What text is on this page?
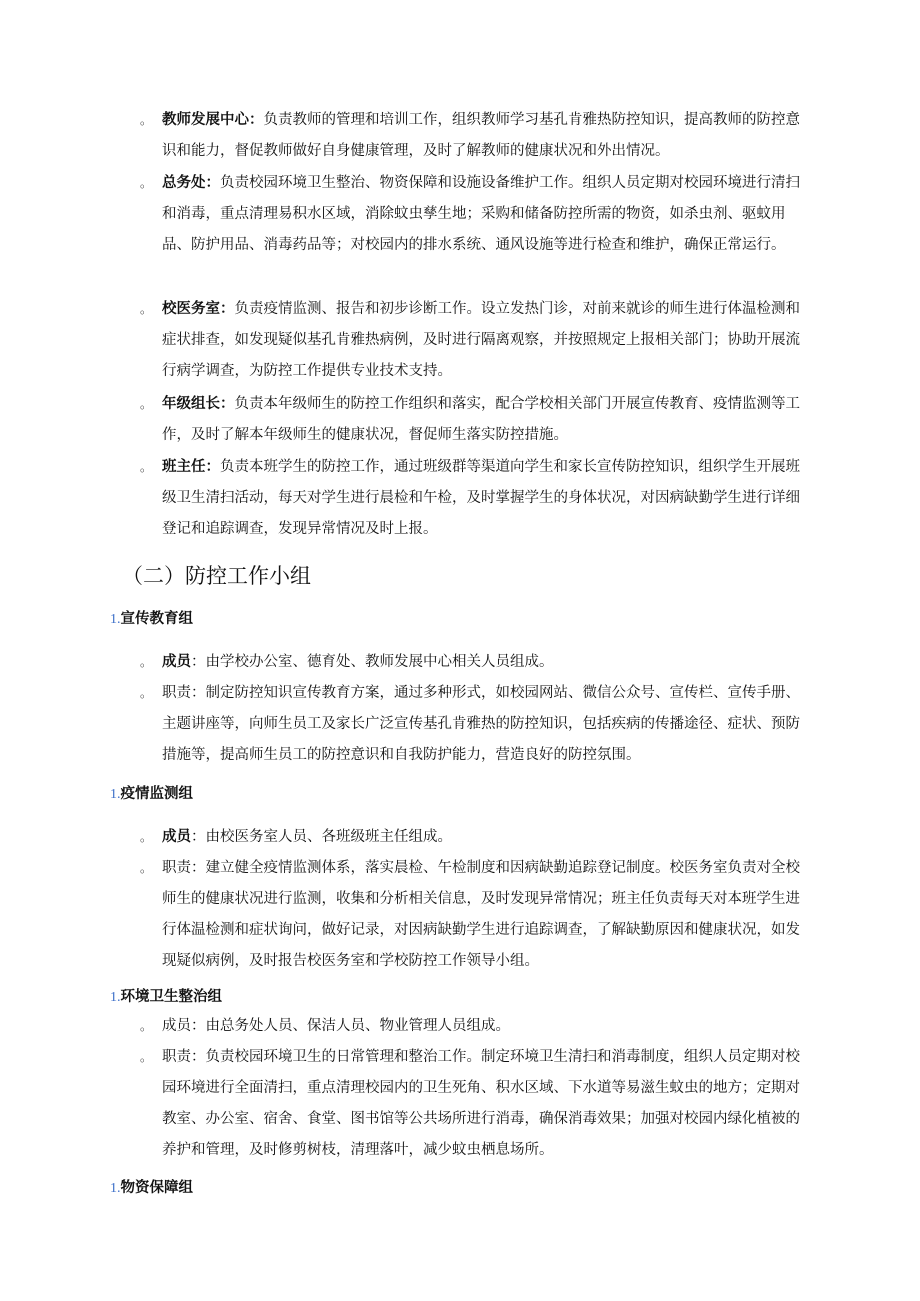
。 教师发展中心：负责教师的管理和培训工作，组织教师学习基孔肯雅热防控知识，提高教师的防控意识和能力，督促教师做好自身健康管理，及时了解教师的健康状况和外出情况。
。 总务处：负责校园环境卫生整治、物资保障和设施设备维护工作。组织人员定期对校园环境进行清扫和消毒，重点清理易积水区域，消除蚊虫孳生地；采购和储备防控所需的物资，如杀虫剂、驱蚊用品、防护用品、消毒药品等；对校园内的排水系统、通风设施等进行检查和维护，确保正常运行。
。 校医务室：负责疫情监测、报告和初步诊断工作。设立发热门诊，对前来就诊的师生进行体温检测和症状排查，如发现疑似基孔肯雅热病例，及时进行隔离观察，并按照规定上报相关部门；协助开展流行病学调查，为防控工作提供专业技术支持。
。 年级组长：负责本年级师生的防控工作组织和落实，配合学校相关部门开展宣传教育、疫情监测等工作，及时了解本年级师生的健康状况，督促师生落实防控措施。
。 班主任：负责本班学生的防控工作，通过班级群等渠道向学生和家长宣传防控知识，组织学生开展班级卫生清扫活动，每天对学生进行晨检和午检，及时掌握学生的身体状况，对因病缺勤学生进行详细登记和追踪调查，发现异常情况及时上报。
（二）防控工作小组
1.宣传教育组
。 成员：由学校办公室、德育处、教师发展中心相关人员组成。
。 职责：制定防控知识宣传教育方案，通过多种形式，如校园网站、微信公众号、宣传栏、宣传手册、主题讲座等，向师生员工及家长广泛宣传基孔肯雅热的防控知识，包括疾病的传播途径、症状、预防措施等，提高师生员工的防控意识和自我防护能力，营造良好的防控氛围。
1.疫情监测组
。 成员：由校医务室人员、各班级班主任组成。
。 职责：建立健全疫情监测体系，落实晨检、午检制度和因病缺勤追踪登记制度。校医务室负责对全校师生的健康状况进行监测，收集和分析相关信息，及时发现异常情况；班主任负责每天对本班学生进行体温检测和症状询问，做好记录，对因病缺勤学生进行追踪调查，了解缺勤原因和健康状况，如发现疑似病例，及时报告校医务室和学校防控工作领导小组。
1.环境卫生整治组
。 成员：由总务处人员、保洁人员、物业管理人员组成。
。 职责：负责校园环境卫生的日常管理和整治工作。制定环境卫生清扫和消毒制度，组织人员定期对校园环境进行全面清扫，重点清理校园内的卫生死角、积水区域、下水道等易滋生蚊虫的地方；定期对教室、办公室、宿舍、食堂、图书馆等公共场所进行消毒，确保消毒效果；加强对校园内绿化植被的养护和管理，及时修剪树枝，清理落叶，减少蚊虫栖息场所。
1.物资保障组
